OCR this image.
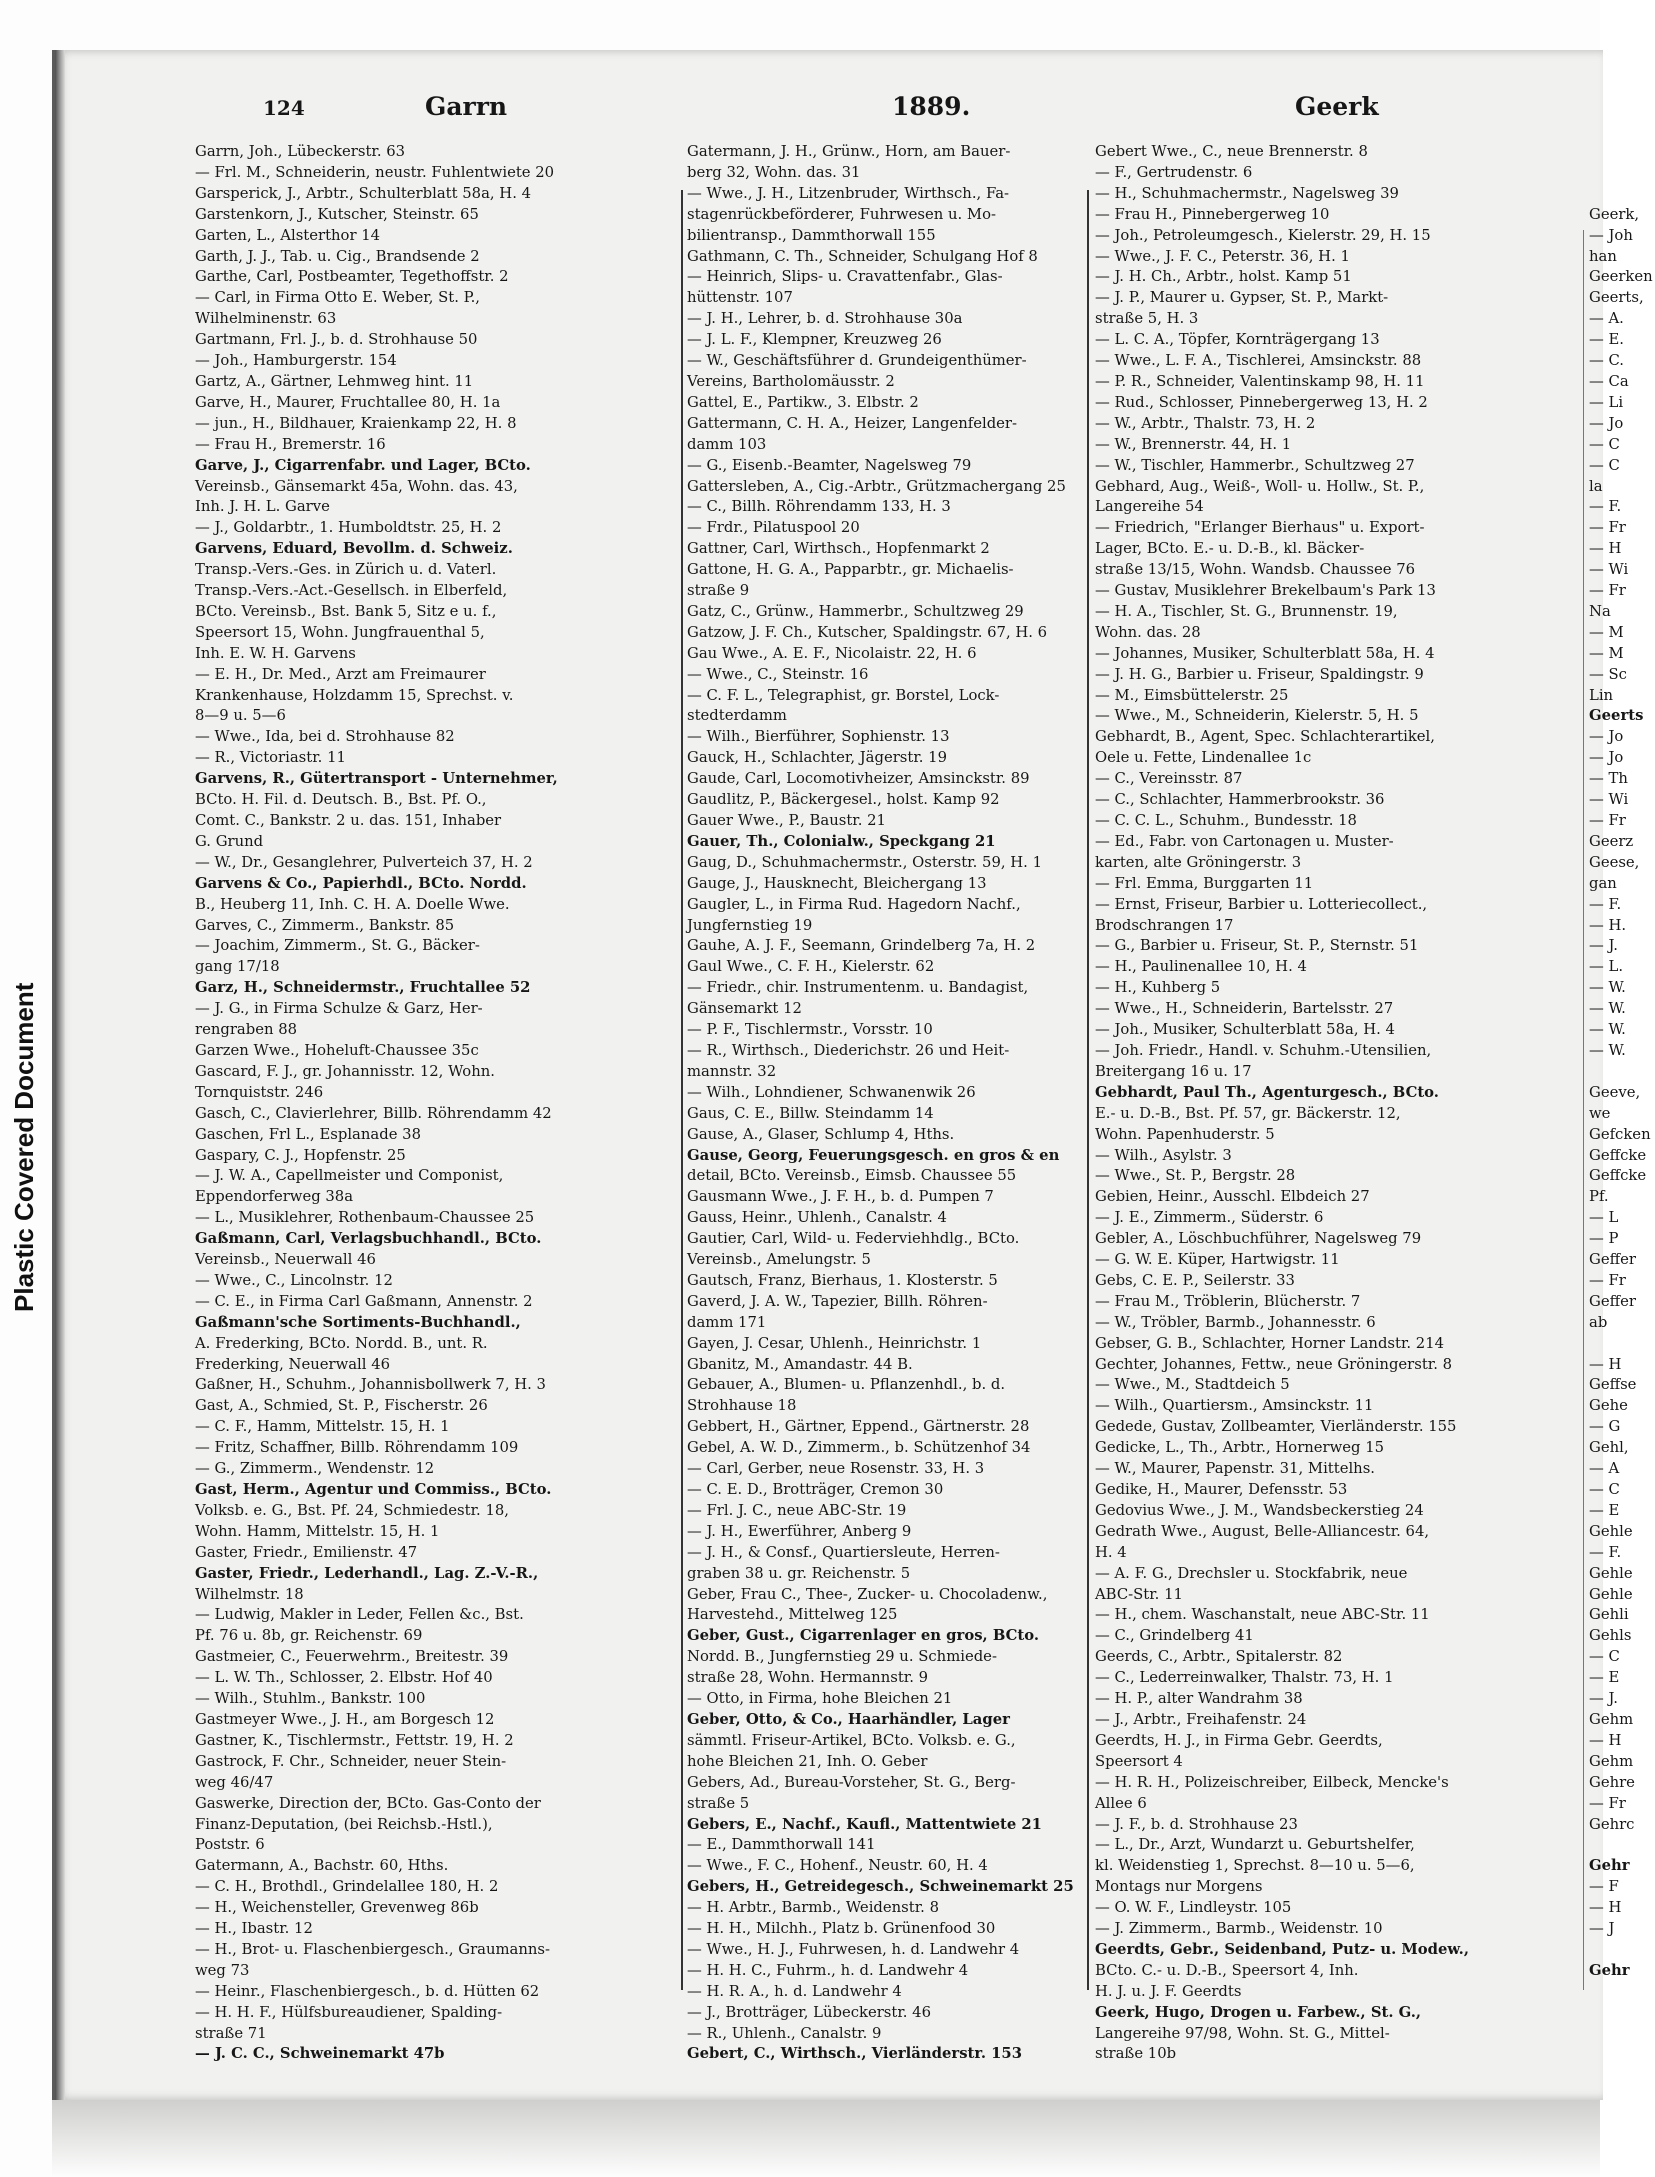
Plastic Covered Document
124	Garrn	1889.	Geerk
Garrn, Joh., Lübeckerstr. 63
— Frl. M., Schneiderin, neustr. Fuhlentwiete 20
Garsperick, J., Arbtr., Schulterblatt 58a, H. 4
Garstenkorn, J., Kutscher, Steinstr. 65
Garten, L., Alsterthor 14
Garth, J. J., Tab. u. Cig., Brandsende 2
Garthe, Carl, Postbeamter, Tegethoffstr. 2
— Carl, in Firma Otto E. Weber, St. P.,
Wilhelminenstr. 63
Gartmann, Frl. J., b. d. Strohhause 50
— Joh., Hamburgerstr. 154
Gartz, A., Gärtner, Lehmweg hint. 11
Garve, H., Maurer, Fruchtallee 80, H. 1a
— jun., H., Bildhauer, Kraienkamp 22, H. 8
— Frau H., Bremerstr. 16
Garve, J., Cigarrenfabr. und Lager, BCto.
Vereinsb., Gänsemarkt 45a, Wohn. das. 43,
Inh. J. H. L. Garve
— J., Goldarbtr., 1. Humboldtstr. 25, H. 2
Garvens, Eduard, Bevollm. d. Schweiz.
Transp.-Vers.-Ges. in Zürich u. d. Vaterl.
Transp.-Vers.-Act.-Gesellsch. in Elberfeld,
BCto. Vereinsb., Bst. Bank 5, Sitz e u. f.,
Speersort 15, Wohn. Jungfrauenthal 5,
Inh. E. W. H. Garvens
— E. H., Dr. Med., Arzt am Freimaurer
Krankenhause, Holzdamm 15, Sprechst. v.
8—9 u. 5—6
— Wwe., Ida, bei d. Strohhause 82
— R., Victoriastr. 11
Garvens, R., Gütertransport - Unternehmer,
BCto. H. Fil. d. Deutsch. B., Bst. Pf. O.,
Comt. C., Bankstr. 2 u. das. 151, Inhaber
G. Grund
— W., Dr., Gesanglehrer, Pulverteich 37, H. 2
Garvens & Co., Papierhdl., BCto. Nordd.
B., Heuberg 11, Inh. C. H. A. Doelle Wwe.
Garves, C., Zimmerm., Bankstr. 85
— Joachim, Zimmerm., St. G., Bäcker-
gang 17/18
Garz, H., Schneidermstr., Fruchtallee 52
— J. G., in Firma Schulze & Garz, Her-
rengraben 88
Garzen Wwe., Hoheluft-Chaussee 35c
Gascard, F. J., gr. Johannisstr. 12, Wohn.
Tornquiststr. 246
Gasch, C., Clavierlehrer, Billb. Röhrendamm 42
Gaschen, Frl L., Esplanade 38
Gaspary, C. J., Hopfenstr. 25
— J. W. A., Capellmeister und Componist,
Eppendorferweg 38a
— L., Musiklehrer, Rothenbaum-Chaussee 25
Gaßmann, Carl, Verlagsbuchhandl., BCto.
Vereinsb., Neuerwall 46
— Wwe., C., Lincolnstr. 12
— C. E., in Firma Carl Gaßmann, Annenstr. 2
Gaßmann'sche Sortiments-Buchhandl.,
A. Frederking, BCto. Nordd. B., unt. R.
Frederking, Neuerwall 46
Gaßner, H., Schuhm., Johannisbollwerk 7, H. 3
Gast, A., Schmied, St. P., Fischerstr. 26
— C. F., Hamm, Mittelstr. 15, H. 1
— Fritz, Schaffner, Billb. Röhrendamm 109
— G., Zimmerm., Wendenstr. 12
Gast, Herm., Agentur und Commiss., BCto.
Volksb. e. G., Bst. Pf. 24, Schmiedestr. 18,
Wohn. Hamm, Mittelstr. 15, H. 1
Gaster, Friedr., Emilienstr. 47
Gaster, Friedr., Lederhandl., Lag. Z.-V.-R.,
Wilhelmstr. 18
— Ludwig, Makler in Leder, Fellen &c., Bst.
Pf. 76 u. 8b, gr. Reichenstr. 69
Gastmeier, C., Feuerwehrm., Breitestr. 39
— L. W. Th., Schlosser, 2. Elbstr. Hof 40
— Wilh., Stuhlm., Bankstr. 100
Gastmeyer Wwe., J. H., am Borgesch 12
Gastner, K., Tischlermstr., Fettstr. 19, H. 2
Gastrock, F. Chr., Schneider, neuer Stein-
weg 46/47
Gaswerke, Direction der, BCto. Gas-Conto der
Finanz-Deputation, (bei Reichsb.-Hstl.),
Poststr. 6
Gatermann, A., Bachstr. 60, Hths.
— C. H., Brothdl., Grindelallee 180, H. 2
— H., Weichensteller, Grevenweg 86b
— H., Ibastr. 12
— H., Brot- u. Flaschenbiergesch., Graumanns-
weg 73
— Heinr., Flaschenbiergesch., b. d. Hütten 62
— H. H. F., Hülfsbureaudiener, Spalding-
straße 71
— J. C. C., Schweinemarkt 47b
Gatermann, J. H., Grünw., Horn, am Bauer-
berg 32, Wohn. das. 31
— Wwe., J. H., Litzenbruder, Wirthsch., Fa-
stagenrückbeförderer, Fuhrwesen u. Mo-
bilientransp., Dammthorwall 155
Gathmann, C. Th., Schneider, Schulgang Hof 8
— Heinrich, Slips- u. Cravattenfabr., Glas-
hüttenstr. 107
— J. H., Lehrer, b. d. Strohhause 30a
— J. L. F., Klempner, Kreuzweg 26
— W., Geschäftsführer d. Grundeigenthümer-
Vereins, Bartholomäusstr. 2
Gattel, E., Partikw., 3. Elbstr. 2
Gattermann, C. H. A., Heizer, Langenfelder-
damm 103
— G., Eisenb.-Beamter, Nagelsweg 79
Gattersleben, A., Cig.-Arbtr., Grützmachergang 25
— C., Billh. Röhrendamm 133, H. 3
— Frdr., Pilatuspool 20
Gattner, Carl, Wirthsch., Hopfenmarkt 2
Gattone, H. G. A., Papparbtr., gr. Michaelis-
straße 9
Gatz, C., Grünw., Hammerbr., Schultzweg 29
Gatzow, J. F. Ch., Kutscher, Spaldingstr. 67, H. 6
Gau Wwe., A. E. F., Nicolaistr. 22, H. 6
— Wwe., C., Steinstr. 16
— C. F. L., Telegraphist, gr. Borstel, Lock-
stedterdamm
— Wilh., Bierführer, Sophienstr. 13
Gauck, H., Schlachter, Jägerstr. 19
Gaude, Carl, Locomotivheizer, Amsinckstr. 89
Gaudlitz, P., Bäckergesel., holst. Kamp 92
Gauer Wwe., P., Baustr. 21
Gauer, Th., Colonialw., Speckgang 21
Gaug, D., Schuhmachermstr., Osterstr. 59, H. 1
Gauge, J., Hausknecht, Bleichergang 13
Gaugler, L., in Firma Rud. Hagedorn Nachf.,
Jungfernstieg 19
Gauhe, A. J. F., Seemann, Grindelberg 7a, H. 2
Gaul Wwe., C. F. H., Kielerstr. 62
— Friedr., chir. Instrumentenm. u. Bandagist,
Gänsemarkt 12
— P. F., Tischlermstr., Vorsstr. 10
— R., Wirthsch., Diederichstr. 26 und Heit-
mannstr. 32
— Wilh., Lohndiener, Schwanenwik 26
Gaus, C. E., Billw. Steindamm 14
Gause, A., Glaser, Schlump 4, Hths.
Gause, Georg, Feuerungsgesch. en gros & en
detail, BCto. Vereinsb., Eimsb. Chaussee 55
Gausmann Wwe., J. F. H., b. d. Pumpen 7
Gauss, Heinr., Uhlenh., Canalstr. 4
Gautier, Carl, Wild- u. Federviehhdlg., BCto.
Vereinsb., Amelungstr. 5
Gautsch, Franz, Bierhaus, 1. Klosterstr. 5
Gaverd, J. A. W., Tapezier, Billh. Röhren-
damm 171
Gayen, J. Cesar, Uhlenh., Heinrichstr. 1
Gbanitz, M., Amandastr. 44 B.
Gebauer, A., Blumen- u. Pflanzenhdl., b. d.
Strohhause 18
Gebbert, H., Gärtner, Eppend., Gärtnerstr. 28
Gebel, A. W. D., Zimmerm., b. Schützenhof 34
— Carl, Gerber, neue Rosenstr. 33, H. 3
— C. E. D., Brotträger, Cremon 30
— Frl. J. C., neue ABC-Str. 19
— J. H., Ewerführer, Anberg 9
— J. H., & Consf., Quartiersleute, Herren-
graben 38 u. gr. Reichenstr. 5
Geber, Frau C., Thee-, Zucker- u. Chocoladenw.,
Harvestehd., Mittelweg 125
Geber, Gust., Cigarrenlager en gros, BCto.
Nordd. B., Jungfernstieg 29 u. Schmiede-
straße 28, Wohn. Hermannstr. 9
— Otto, in Firma, hohe Bleichen 21
Geber, Otto, & Co., Haarhändler, Lager
sämmtl. Friseur-Artikel, BCto. Volksb. e. G.,
hohe Bleichen 21, Inh. O. Geber
Gebers, Ad., Bureau-Vorsteher, St. G., Berg-
straße 5
Gebers, E., Nachf., Kaufl., Mattentwiete 21
— E., Dammthorwall 141
— Wwe., F. C., Hohenf., Neustr. 60, H. 4
Gebers, H., Getreidegesch., Schweinemarkt 25
— H. Arbtr., Barmb., Weidenstr. 8
— H. H., Milchh., Platz b. Grünenfood 30
— Wwe., H. J., Fuhrwesen, h. d. Landwehr 4
— H. H. C., Fuhrm., h. d. Landwehr 4
— H. R. A., h. d. Landwehr 4
— J., Brotträger, Lübeckerstr. 46
— R., Uhlenh., Canalstr. 9
Gebert, C., Wirthsch., Vierländerstr. 153
Gebert Wwe., C., neue Brennerstr. 8
— F., Gertrudenstr. 6
— H., Schuhmachermstr., Nagelsweg 39
— Frau H., Pinnebergerweg 10
— Joh., Petroleumgesch., Kielerstr. 29, H. 15
— Wwe., J. F. C., Peterstr. 36, H. 1
— J. H. Ch., Arbtr., holst. Kamp 51
— J. P., Maurer u. Gypser, St. P., Markt-
straße 5, H. 3
— L. C. A., Töpfer, Kornträgergang 13
— Wwe., L. F. A., Tischlerei, Amsinckstr. 88
— P. R., Schneider, Valentinskamp 98, H. 11
— Rud., Schlosser, Pinnebergerweg 13, H. 2
— W., Arbtr., Thalstr. 73, H. 2
— W., Brennerstr. 44, H. 1
— W., Tischler, Hammerbr., Schultzweg 27
Gebhard, Aug., Weiß-, Woll- u. Hollw., St. P.,
Langereihe 54
— Friedrich, "Erlanger Bierhaus" u. Export-
Lager, BCto. E.- u. D.-B., kl. Bäcker-
straße 13/15, Wohn. Wandsb. Chaussee 76
— Gustav, Musiklehrer Brekelbaum's Park 13
— H. A., Tischler, St. G., Brunnenstr. 19,
Wohn. das. 28
— Johannes, Musiker, Schulterblatt 58a, H. 4
— J. H. G., Barbier u. Friseur, Spaldingstr. 9
— M., Eimsbüttelerstr. 25
— Wwe., M., Schneiderin, Kielerstr. 5, H. 5
Gebhardt, B., Agent, Spec. Schlachterartikel,
Oele u. Fette, Lindenallee 1c
— C., Vereinsstr. 87
— C., Schlachter, Hammerbrookstr. 36
— C. C. L., Schuhm., Bundesstr. 18
— Ed., Fabr. von Cartonagen u. Muster-
karten, alte Gröningerstr. 3
— Frl. Emma, Burggarten 11
— Ernst, Friseur, Barbier u. Lotteriecollect.,
Brodschrangen 17
— G., Barbier u. Friseur, St. P., Sternstr. 51
— H., Paulinenallee 10, H. 4
— H., Kuhberg 5
— Wwe., H., Schneiderin, Bartelsstr. 27
— Joh., Musiker, Schulterblatt 58a, H. 4
— Joh. Friedr., Handl. v. Schuhm.-Utensilien,
Breitergang 16 u. 17
Gebhardt, Paul Th., Agenturgesch., BCto.
E.- u. D.-B., Bst. Pf. 57, gr. Bäckerstr. 12,
Wohn. Papenhuderstr. 5
— Wilh., Asylstr. 3
— Wwe., St. P., Bergstr. 28
Gebien, Heinr., Ausschl. Elbdeich 27
— J. E., Zimmerm., Süderstr. 6
Gebler, A., Löschbuchführer, Nagelsweg 79
— G. W. E. Küper, Hartwigstr. 11
Gebs, C. E. P., Seilerstr. 33
— Frau M., Tröblerin, Blücherstr. 7
— W., Tröbler, Barmb., Johannesstr. 6
Gebser, G. B., Schlachter, Horner Landstr. 214
Gechter, Johannes, Fettw., neue Gröningerstr. 8
— Wwe., M., Stadtdeich 5
— Wilh., Quartiersm., Amsinckstr. 11
Gedede, Gustav, Zollbeamter, Vierländerstr. 155
Gedicke, L., Th., Arbtr., Hornerweg 15
— W., Maurer, Papenstr. 31, Mittelhs.
Gedike, H., Maurer, Defensstr. 53
Gedovius Wwe., J. M., Wandsbeckerstieg 24
Gedrath Wwe., August, Belle-Alliancestr. 64,
H. 4
— A. F. G., Drechsler u. Stockfabrik, neue
ABC-Str. 11
— H., chem. Waschanstalt, neue ABC-Str. 11
— C., Grindelberg 41
Geerds, C., Arbtr., Spitalerstr. 82
— C., Lederreinwalker, Thalstr. 73, H. 1
— H. P., alter Wandrahm 38
— J., Arbtr., Freihafenstr. 24
Geerdts, H. J., in Firma Gebr. Geerdts,
Speersort 4
— H. R. H., Polizeischreiber, Eilbeck, Mencke's
Allee 6
— J. F., b. d. Strohhause 23
— L., Dr., Arzt, Wundarzt u. Geburtshelfer,
kl. Weidenstieg 1, Sprechst. 8—10 u. 5—6,
Montags nur Morgens
— O. W. F., Lindleystr. 105
— J. Zimmerm., Barmb., Weidenstr. 10
Geerdts, Gebr., Seidenband, Putz- u. Modew.,
BCto. C.- u. D.-B., Speersort 4, Inh.
H. J. u. J. F. Geerdts
Geerk, Hugo, Drogen u. Farbew., St. G.,
Langereihe 97/98, Wohn. St. G., Mittel-
straße 10b

Geerk,
— Joh
han
Geerken
Geerts,
— A.
— E.
— C.
— Ca
— Li
— Jo
— C
— C
la
— F.
— Fr
— H
— Wi
— Fr
Na
— M
— M
— Sc
Lin
Geerts
— Jo
— Jo
— Th
— Wi
— Fr
Geerz
Geese,
gan
— F.
— H.
— J.
— L.
— W.
— W.
— W.
— W.

Geeve,
we
Gefcken
Geffcke
Geffcke
Pf.
— L
— P
Geffer
— Fr
Geffer
ab

— H
Geffse
Gehe
— G
Gehl,
— A
— C
— E
Gehle
— F.
Gehle
Gehle
Gehli
Gehls
— C
— E
— J.
Gehm
— H
Gehm
Gehre
— Fr
Gehrc

Gehr
— F
— H
— J

Gehr
